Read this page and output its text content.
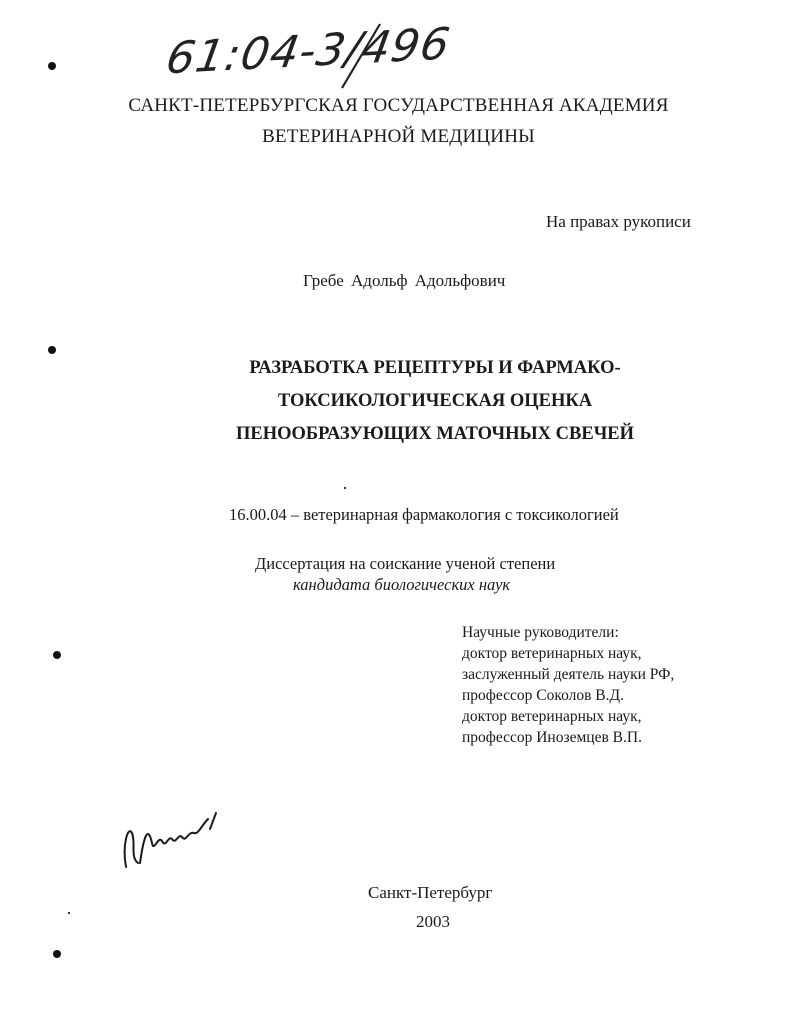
61:04-3/496
САНКТ-ПЕТЕРБУРГСКАЯ ГОСУДАРСТВЕННАЯ АКАДЕМИЯ
ВЕТЕРИНАРНОЙ МЕДИЦИНЫ
На правах рукописи
Гребе Адольф Адольфович
РАЗРАБОТКА РЕЦЕПТУРЫ И ФАРМАКО-
ТОКСИКОЛОГИЧЕСКАЯ ОЦЕНКА
ПЕНООБРАЗУЮЩИХ МАТОЧНЫХ СВЕЧЕЙ
16.00.04 – ветеринарная фармакология с токсикологией
Диссертация на соискание ученой степени
кандидата биологических наук
Научные руководители:
доктор ветеринарных наук,
заслуженный деятель науки РФ,
профессор Соколов В.Д.
доктор ветеринарных наук,
профессор Иноземцев В.П.
Санкт-Петербург
2003
